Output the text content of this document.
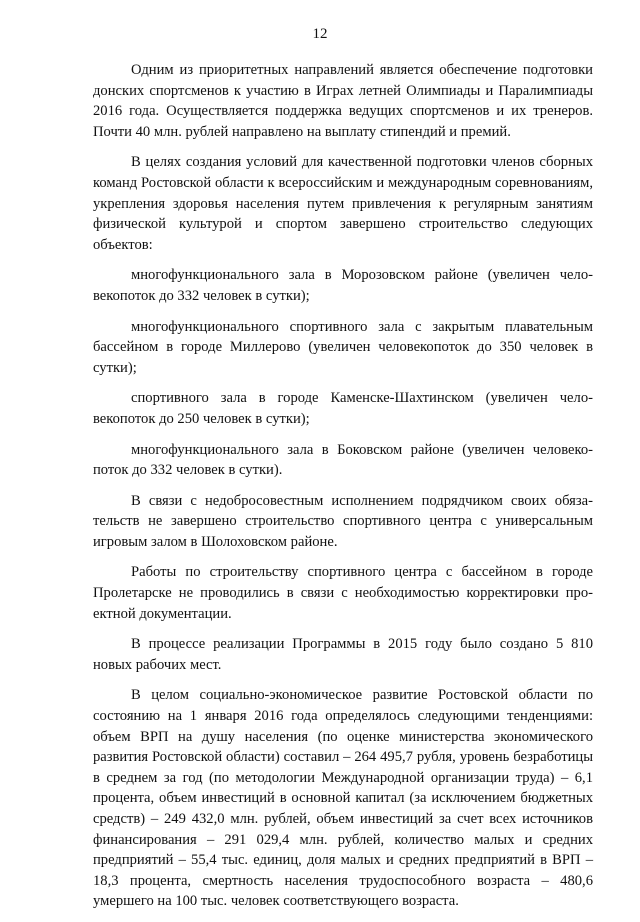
12

Одним из приоритетных направлений является обеспечение подготовки донских спортсменов к участию в Играх летней Олимпиады и Паралимпиады 2016 года. Осуществляется поддержка ведущих спортсменов и их тренеров. Почти 40 млн. рублей направлено на выплату стипендий и премий.

В целях создания условий для качественной подготовки членов сборных команд Ростовской области к всероссийским и международным соревнованиям, укрепления здоровья населения путем привлечения к регулярным занятиям физической культурой и спортом завершено строительство следующих объектов:

многофункционального зала в Морозовском районе (увеличен человекопоток до 332 человек в сутки);

многофункционального спортивного зала с закрытым плавательным бассейном в городе Миллерово (увеличен человекопоток до 350 человек в сутки);

спортивного зала в городе Каменске-Шахтинском (увеличен человекопоток до 250 человек в сутки);

многофункционального зала в Боковском районе (увеличен человекопоток до 332 человек в сутки).

В связи с недобросовестным исполнением подрядчиком своих обязательств не завершено строительство спортивного центра с универсальным игровым залом в Шолоховском районе.

Работы по строительству спортивного центра с бассейном в городе Пролетарске не проводились в связи с необходимостью корректировки проектной документации.

В процессе реализации Программы в 2015 году было создано 5 810 новых рабочих мест.

В целом социально-экономическое развитие Ростовской области по состоянию на 1 января 2016 года определялось следующими тенденциями: объем ВРП на душу населения (по оценке министерства экономического развития Ростовской области) составил – 264 495,7 рубля, уровень безработицы в среднем за год (по методологии Международной организации труда) – 6,1 процента, объем инвестиций в основной капитал (за исключением бюджетных средств) – 249 432,0 млн. рублей, объем инвестиций за счет всех источников финансирования – 291 029,4 млн. рублей, количество малых и средних предприятий – 55,4 тыс. единиц, доля малых и средних предприятий в ВРП – 18,3 процента, смертность населения трудоспособного возраста – 480,6 умершего на 100 тыс. человек соответствующего возраста.
